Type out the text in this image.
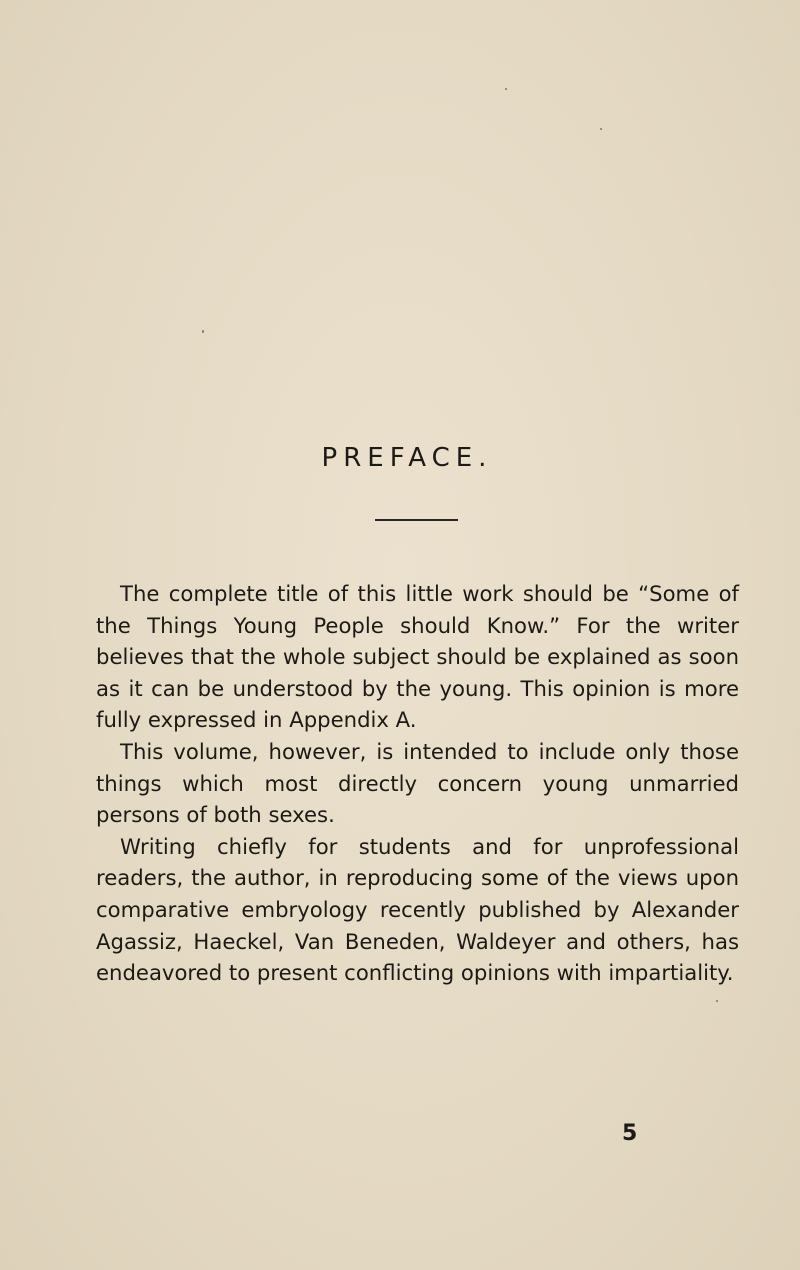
PREFACE.

The complete title of this little work should be “Some of the Things Young People should Know.” For the writer believes that the whole subject should be explained as soon as it can be understood by the young. This opinion is more fully expressed in Appendix A.

This volume, however, is intended to include only those things which most directly concern young unmarried persons of both sexes.

Writing chiefly for students and for unprofessional readers, the author, in reproducing some of the views upon comparative embryology recently published by Alexander Agassiz, Haeckel, Van Beneden, Waldeyer and others, has endeavored to present conflicting opinions with impartiality.

5
